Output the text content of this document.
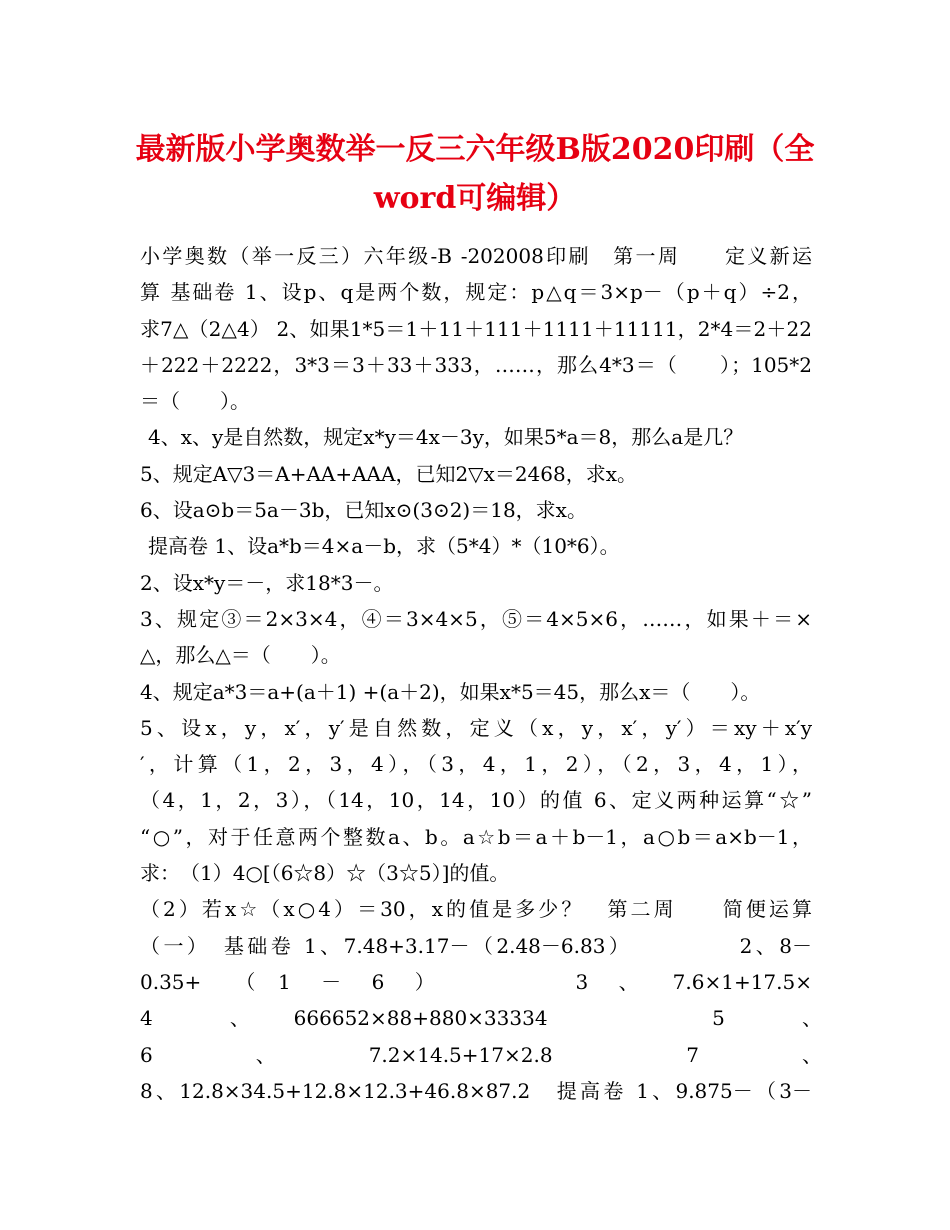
最新版小学奥数举一反三六年级B版2020印刷（全
word可编辑）
小学奥数（举一反三）六年级-B -202008印刷　第一周　　定义新运
算 基础卷 1、设p、q是两个数，规定：p△q＝3×p－（p＋q）÷2，
求7△（2△4） 2、如果1*5＝1＋11＋111＋1111＋11111，2*4＝2＋22
＋222＋2222，3*3＝3＋33＋333，……，那么4*3＝（　　）；105*2
＝（　　）。
4、x、y是自然数，规定x*y＝4x－3y，如果5*a＝8，那么a是几？
5、规定A▽3＝A+AA+AAA，已知2▽x＝2468，求x。
6、设a⊙b＝5a－3b，已知x⊙(3⊙2)＝18，求x。
提高卷 1、设a*b＝4×a－b，求（5*4）*（10*6）。
2、设x*y＝－，求18*3－。
3、规定③＝2×3×4，④＝3×4×5，⑤＝4×5×6，……，如果＋＝×
△，那么△＝（　　）。
4、规定a*3＝a+(a＋1) +(a＋2)，如果x*5＝45，那么x＝（　　）。
5、设x，y，x′，y′是自然数，定义（x，y，x′，y′）＝xy＋x′y
′，计算（1，2，3，4），（3，4，1，2），（2，3，4，1），
（4，1，2，3），（14，10，14，10）的值 6、定义两种运算“☆”
“○”，对于任意两个整数a、b。a☆b＝a＋b－1，a○b＝a×b－1，
求：　（1）4○[（6☆8）☆（3☆5）]的值。
（2）若x☆（x○4）＝30，x的值是多少？　第二周　　简便运算
（一）　基础卷 1、7.48+3.17－（2.48－6.83）　　　　　2、8－
0.35+　　（　1　 －　 6　 ）　　　　　　　3　 、　　7.6×1+17.5×
4　 、　666652×88+880×33334　　　　5　 、　
6　　　、　　　7.2×14.5+17×2.8　　　　7　　　、　　　
8、12.8×34.5+12.8×12.3+46.8×87.2　提高卷 1、9.875－（3－
